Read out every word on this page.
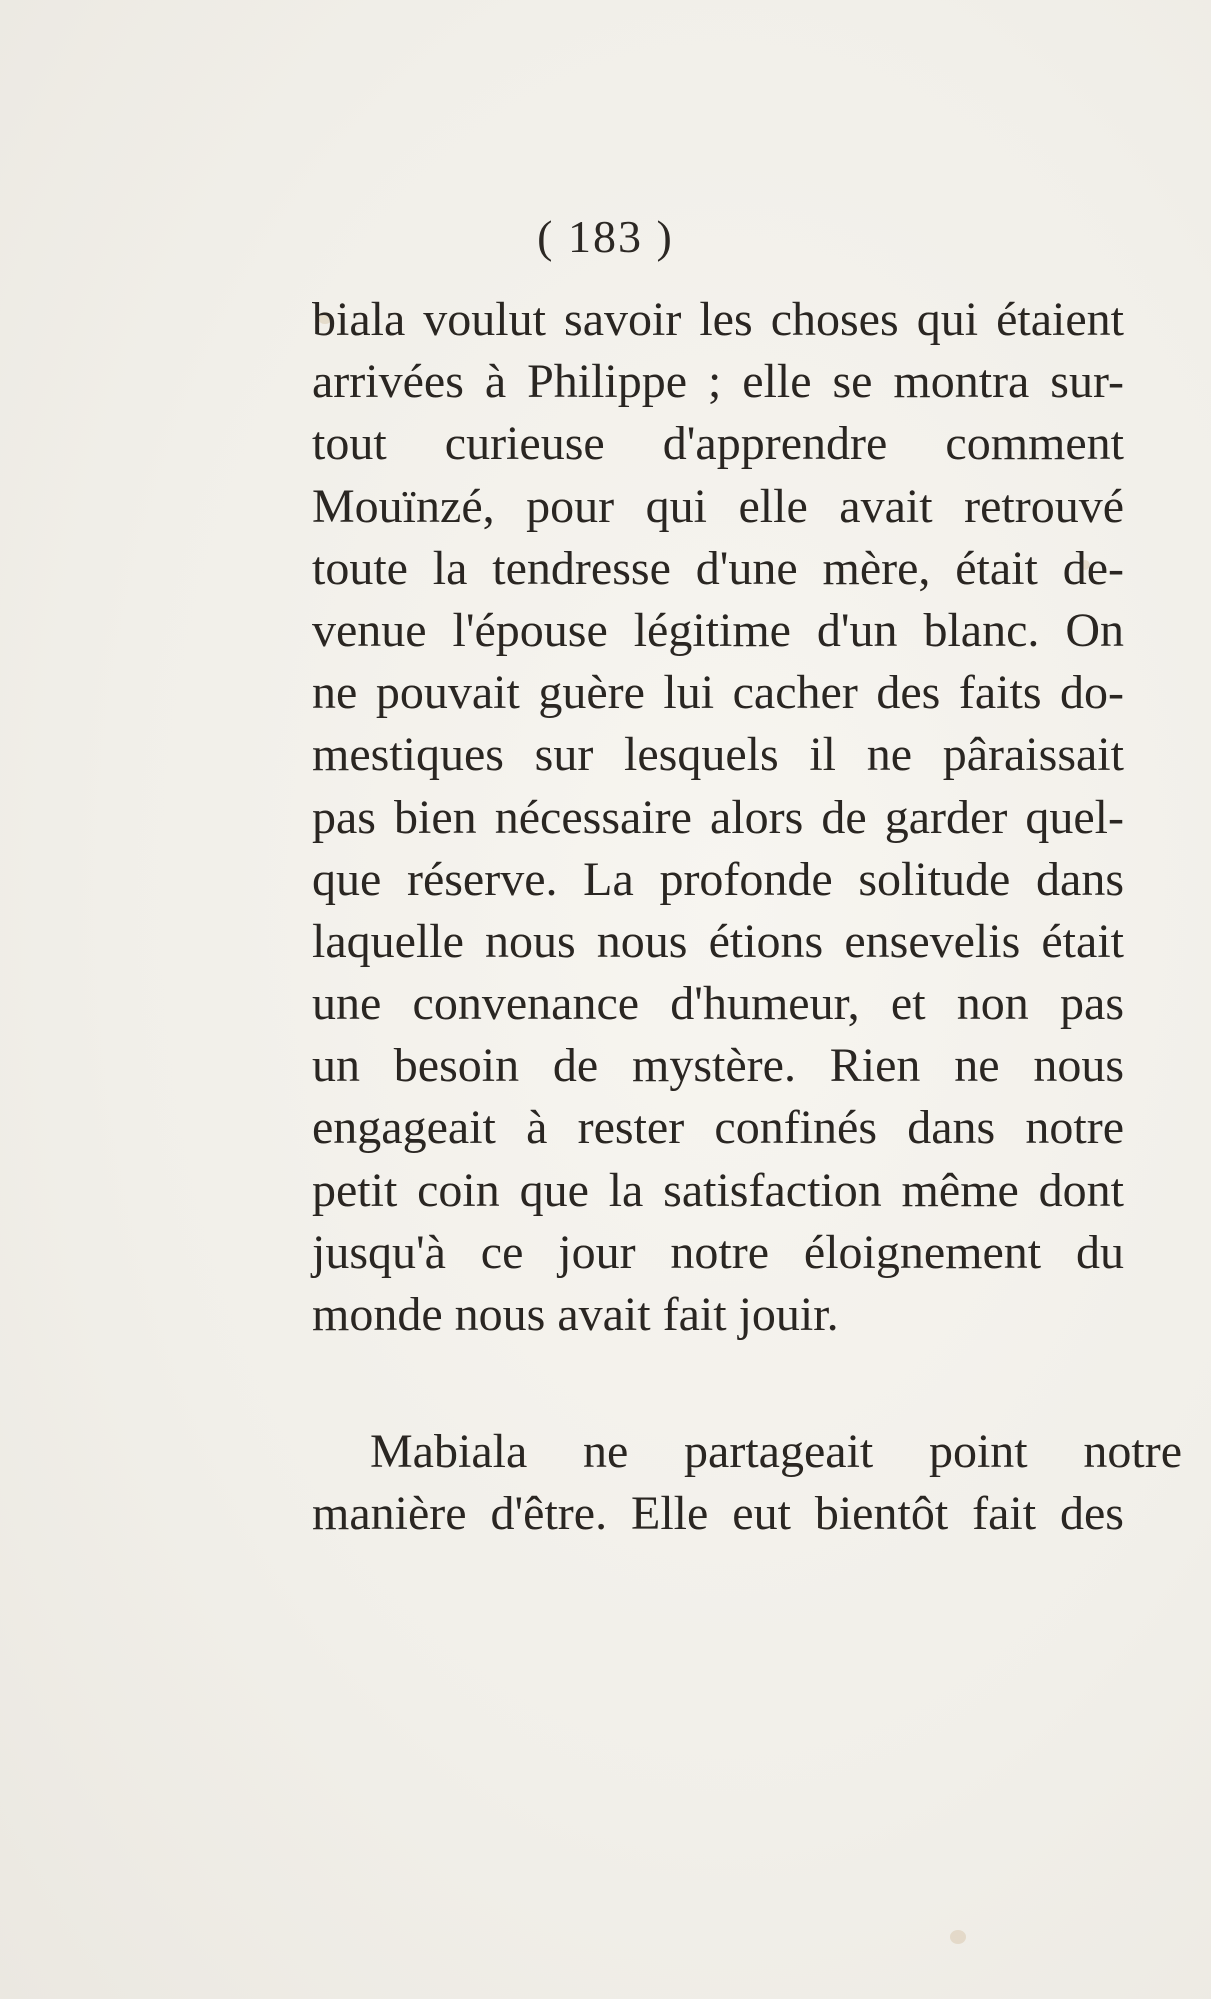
( 183 )
biala voulut savoir les choses qui étaient
arrivées à Philippe ; elle se montra sur-
tout curieuse d'apprendre comment
Mouïnzé, pour qui elle avait retrouvé
toute la tendresse d'une mère, était de-
venue l'épouse légitime d'un blanc. On
ne pouvait guère lui cacher des faits do-
mestiques sur lesquels il ne pâraissait
pas bien nécessaire alors de garder quel-
que réserve. La profonde solitude dans
laquelle nous nous étions ensevelis était
une convenance d'humeur, et non pas
un besoin de mystère. Rien ne nous
engageait à rester confinés dans notre
petit coin que la satisfaction même dont
jusqu'à ce jour notre éloignement du
monde nous avait fait jouir.
Mabiala ne partageait point notre
manière d'être. Elle eut bientôt fait des
